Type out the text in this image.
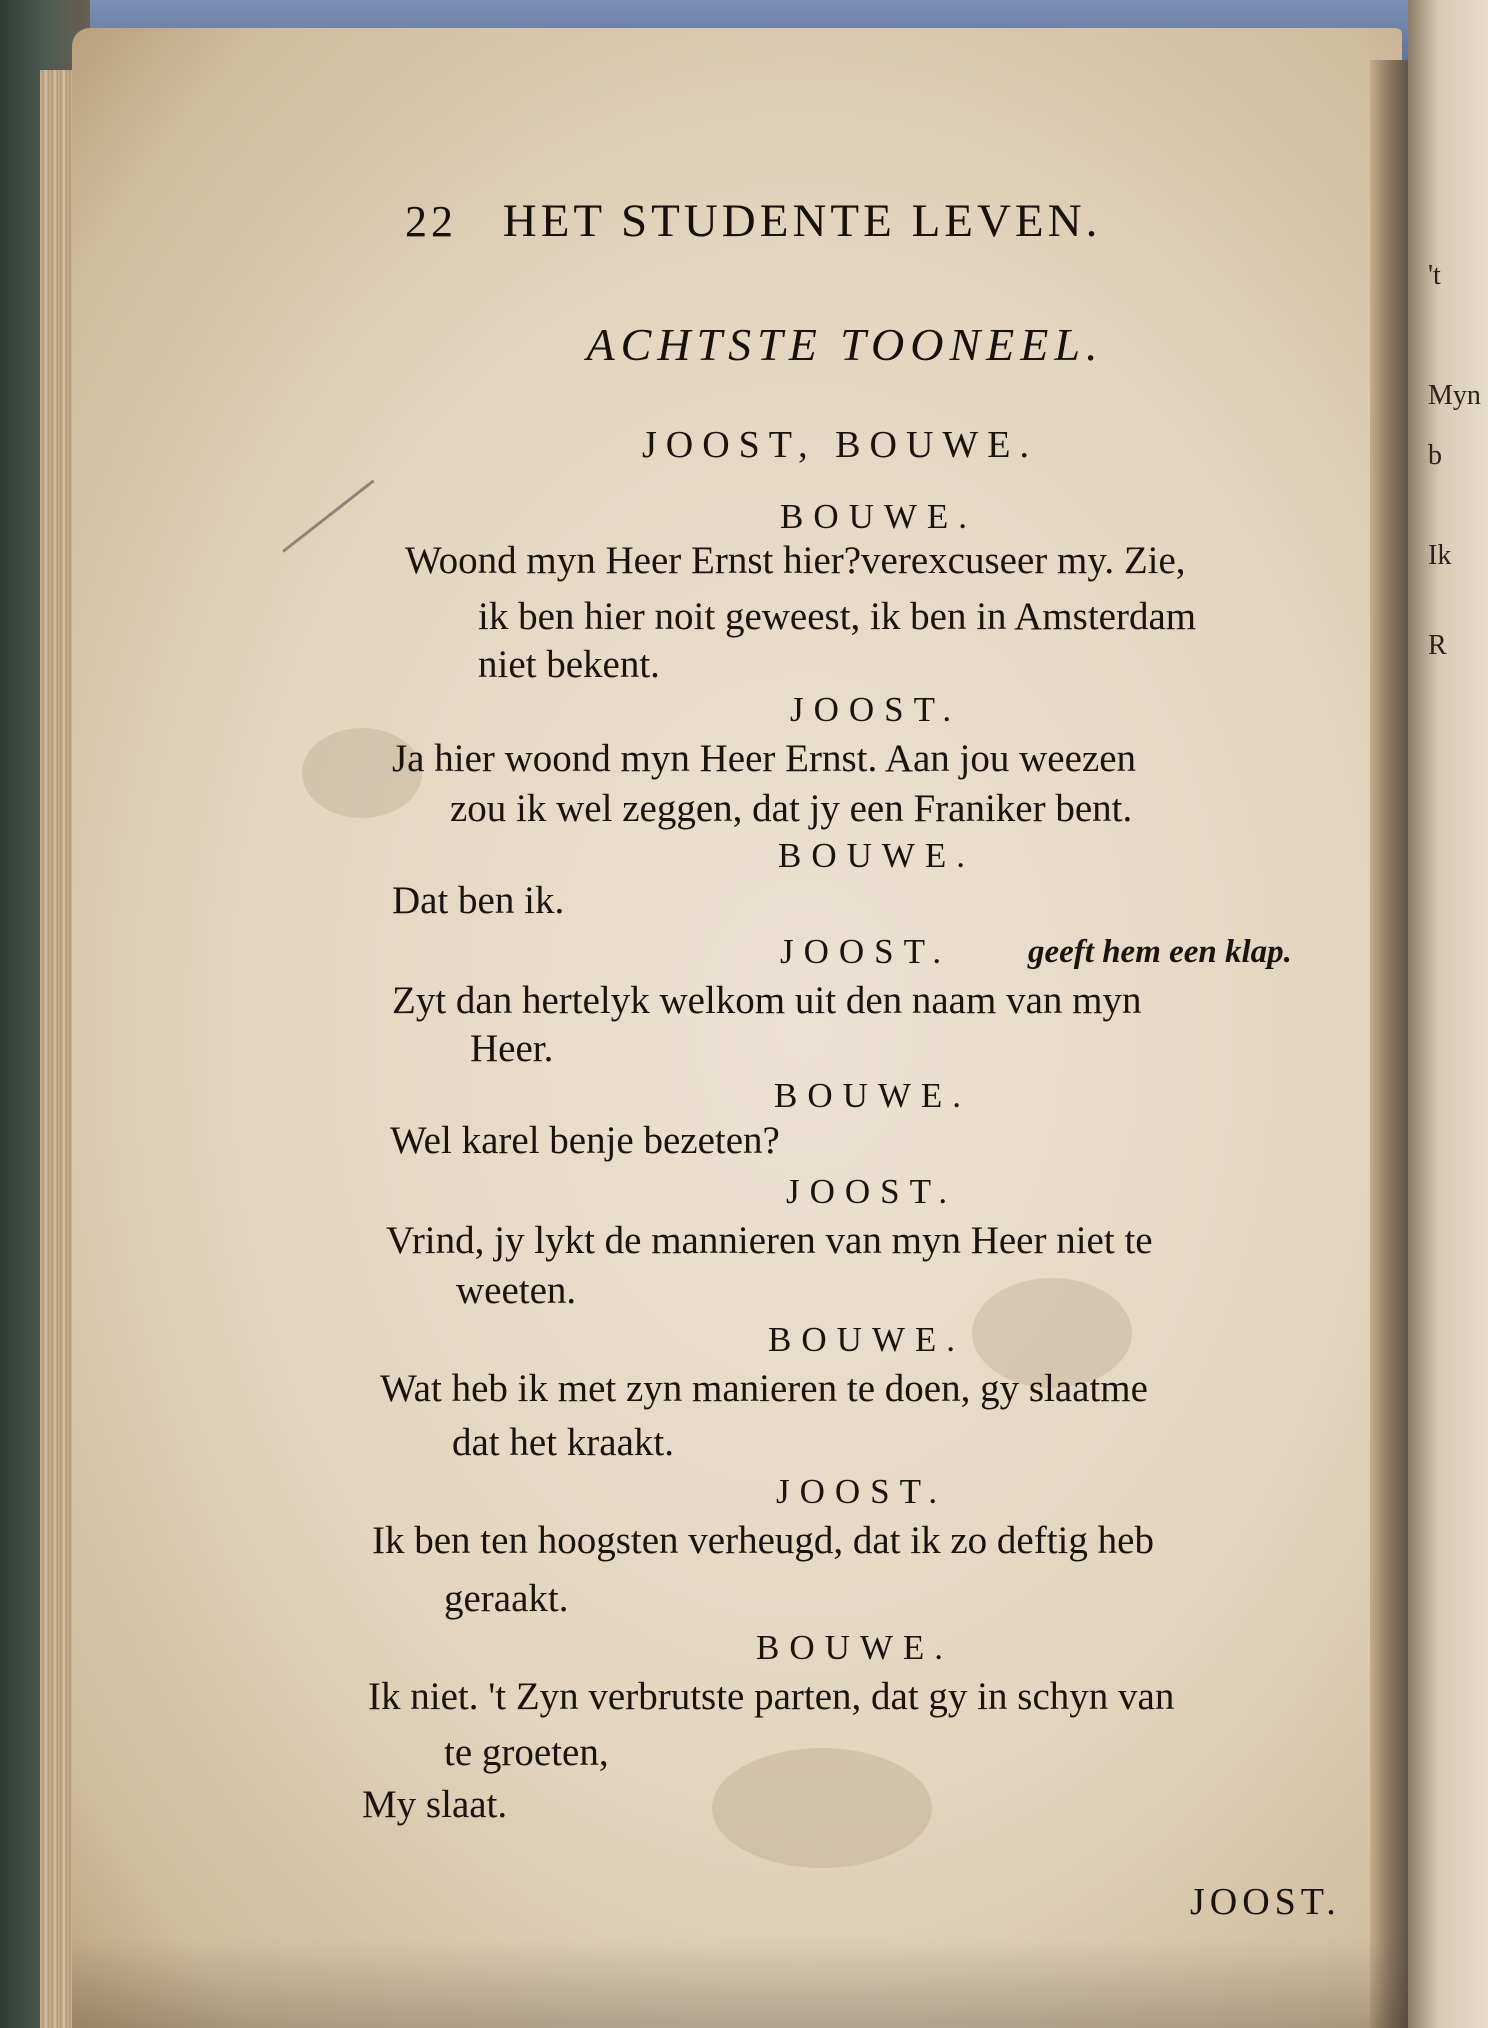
't
Myn
b
Ik
R
22 HET STUDENTE LEVEN.
ACHTSTE TOONEEL.
JOOST, BOUWE.
BOUWE.
Woond myn Heer Ernst hier?verexcuseer my. Zie,
ik ben hier noit geweest, ik ben in Amsterdam
niet bekent.
JOOST.
Ja hier woond myn Heer Ernst. Aan jou weezen
zou ik wel zeggen, dat jy een Franiker bent.
BOUWE.
Dat ben ik.
JOOST. geeft hem een klap.
Zyt dan hertelyk welkom uit den naam van myn
Heer.
BOUWE.
Wel karel benje bezeten?
JOOST.
Vrind, jy lykt de mannieren van myn Heer niet te
weeten.
BOUWE.
Wat heb ik met zyn manieren te doen, gy slaatme
dat het kraakt.
JOOST.
Ik ben ten hoogsten verheugd, dat ik zo deftig heb
geraakt.
BOUWE.
Ik niet. 't Zyn verbrutste parten, dat gy in schyn van
te groeten,
My slaat.
JOOST.
